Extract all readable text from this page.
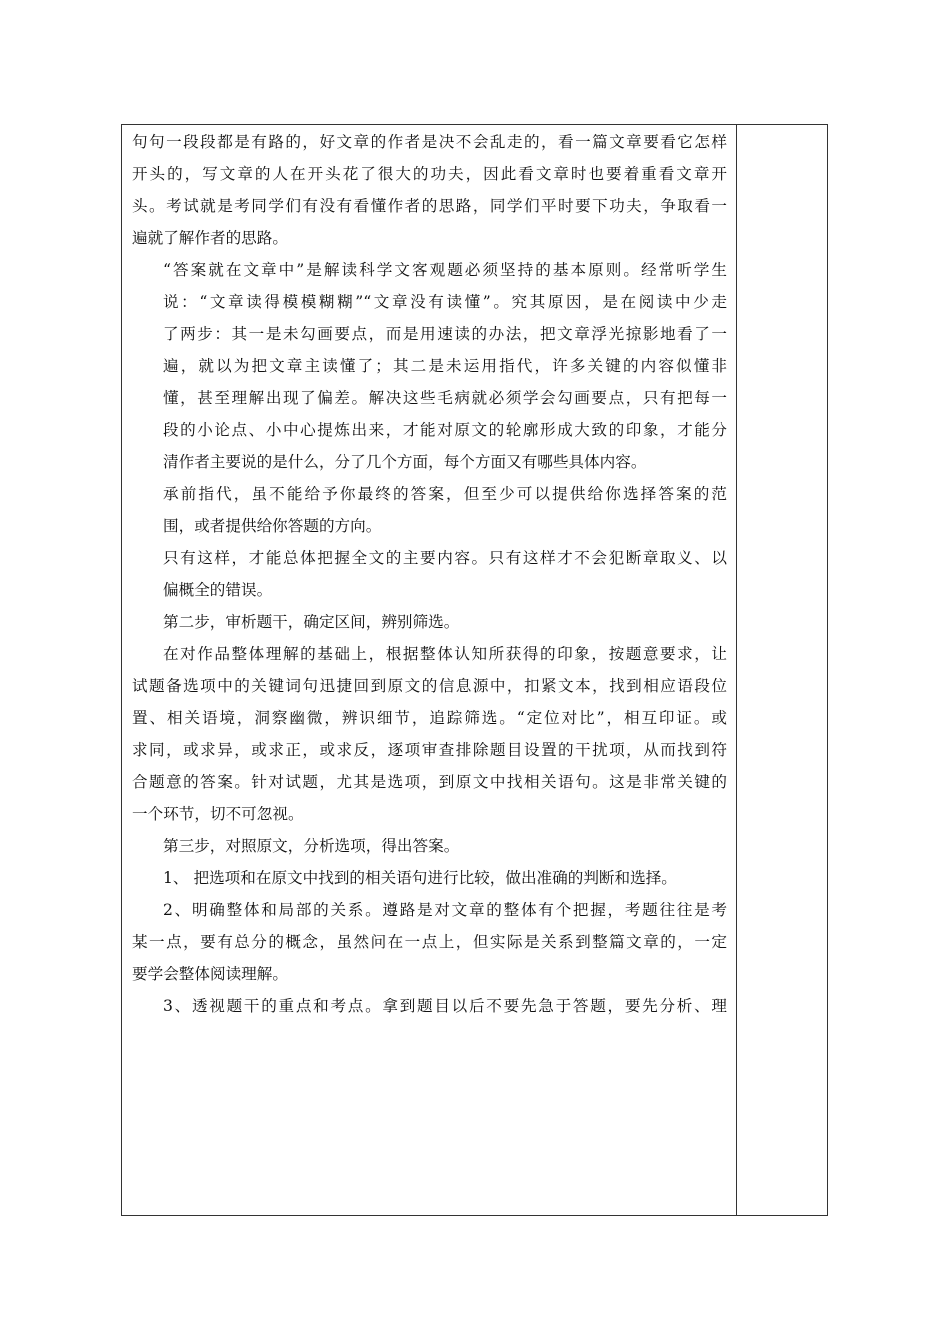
句句一段段都是有路的，好文章的作者是决不会乱走的，看一篇文章要看它怎样
开头的，写文章的人在开头花了很大的功夫，因此看文章时也要着重看文章开
头。考试就是考同学们有没有看懂作者的思路，同学们平时要下功夫，争取看一
遍就了解作者的思路。
“答案就在文章中”是解读科学文客观题必须坚持的基本原则。经常听学生
说：“文章读得模模糊糊”“文章没有读懂”。究其原因，是在阅读中少走
了两步：其一是未勾画要点，而是用速读的办法，把文章浮光掠影地看了一
遍，就以为把文章主读懂了；其二是未运用指代，许多关键的内容似懂非
懂，甚至理解出现了偏差。解决这些毛病就必须学会勾画要点，只有把每一
段的小论点、小中心提炼出来，才能对原文的轮廓形成大致的印象，才能分
清作者主要说的是什么，分了几个方面，每个方面又有哪些具体内容。
承前指代，虽不能给予你最终的答案，但至少可以提供给你选择答案的范
围，或者提供给你答题的方向。
只有这样，才能总体把握全文的主要内容。只有这样才不会犯断章取义、以
偏概全的错误。
第二步，审析题干，确定区间，辨别筛选。
在对作品整体理解的基础上，根据整体认知所获得的印象，按题意要求，让
试题备选项中的关键词句迅捷回到原文的信息源中，扣紧文本，找到相应语段位
置、相关语境，洞察幽微，辨识细节，追踪筛选。“定位对比”，相互印证。或
求同，或求异，或求正，或求反，逐项审查排除题目设置的干扰项，从而找到符
合题意的答案。针对试题，尤其是选项，到原文中找相关语句。这是非常关键的
一个环节，切不可忽视。
第三步，对照原文，分析选项，得出答案。
1、 把选项和在原文中找到的相关语句进行比较，做出准确的判断和选择。
2、明确整体和局部的关系。遵路是对文章的整体有个把握，考题往往是考
某一点，要有总分的概念，虽然问在一点上，但实际是关系到整篇文章的，一定
要学会整体阅读理解。
3、透视题干的重点和考点。拿到题目以后不要先急于答题，要先分析、理
